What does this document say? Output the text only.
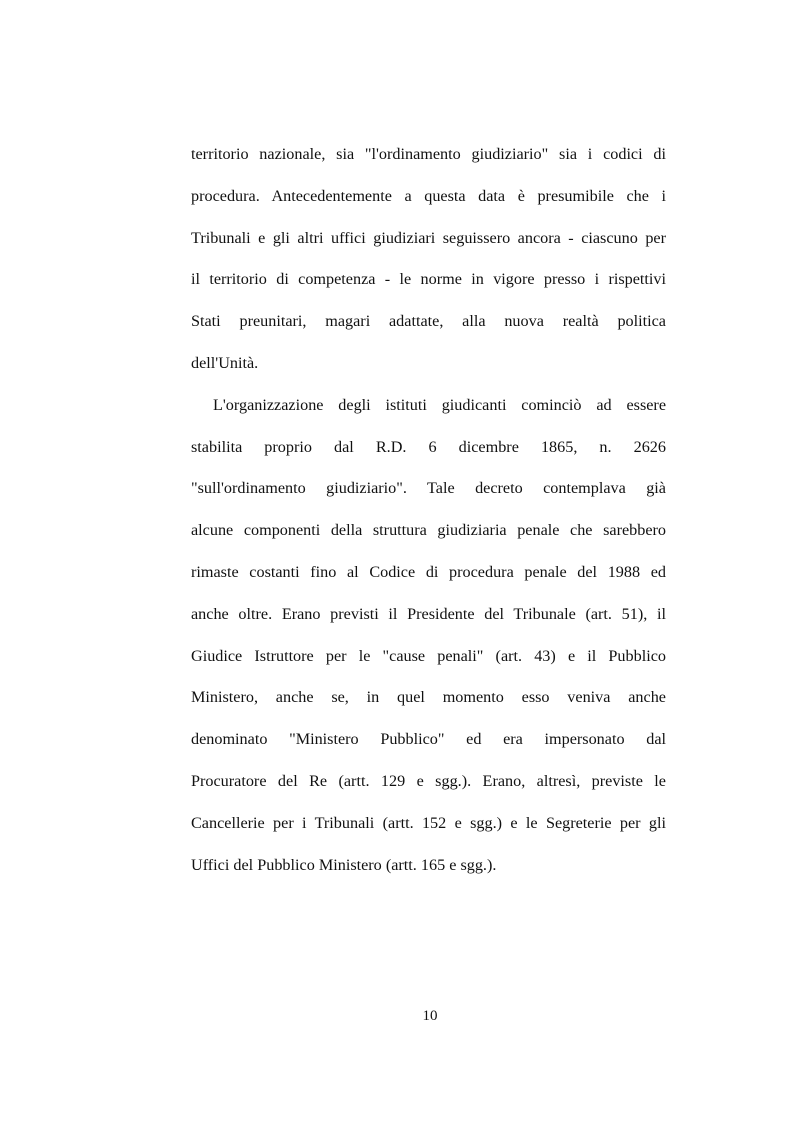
territorio nazionale, sia "l'ordinamento giudiziario" sia i codici di
procedura. Antecedentemente a questa data è presumibile che i
Tribunali e gli altri uffici giudiziari seguissero ancora - ciascuno per
il territorio di competenza - le norme in vigore presso i rispettivi
Stati preunitari, magari adattate, alla nuova realtà politica
dell'Unità.
L'organizzazione degli istituti giudicanti cominciò ad essere
stabilita proprio dal R.D. 6 dicembre 1865, n. 2626
"sull'ordinamento giudiziario". Tale decreto contemplava già
alcune componenti della struttura giudiziaria penale che sarebbero
rimaste costanti fino al Codice di procedura penale del 1988 ed
anche oltre. Erano previsti il Presidente del Tribunale (art. 51), il
Giudice Istruttore per le "cause penali" (art. 43) e il Pubblico
Ministero, anche se, in quel momento esso veniva anche
denominato "Ministero Pubblico" ed era impersonato dal
Procuratore del Re (artt. 129 e sgg.). Erano, altresì, previste le
Cancellerie per i Tribunali (artt. 152 e sgg.) e le Segreterie per gli
Uffici del Pubblico Ministero (artt. 165 e sgg.).
10
